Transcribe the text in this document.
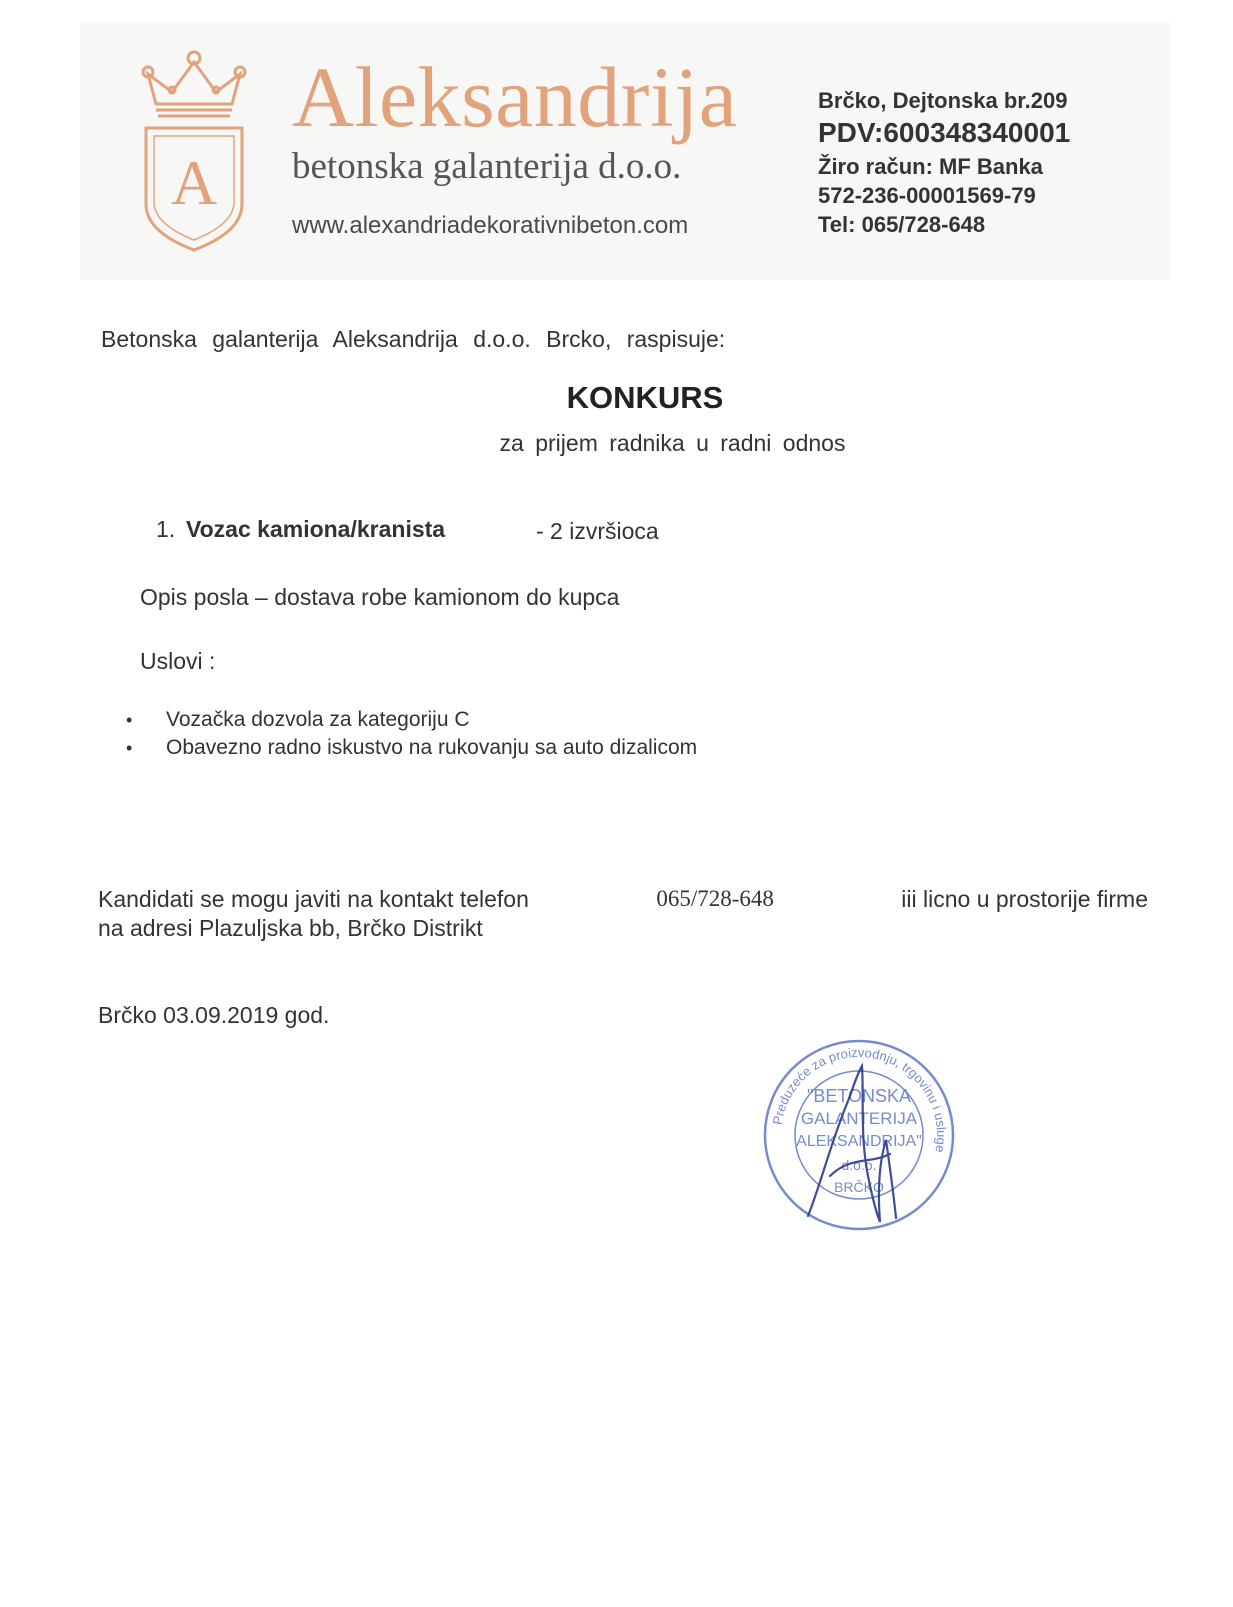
A
Aleksandrija
betonska galanterija d.o.o.
www.alexandriadekorativnibeton.com
Brčko, Dejtonska br.209
PDV:600348340001
Žiro račun: MF Banka
572-236-00001569-79
Tel: 065/728-648
Betonska galanterija Aleksandrija d.o.o. Brcko, raspisuje:
KONKURS
za prijem radnika u radni odnos
1. Vozac kamiona/kranista	- 2 izvršioca
Opis posla – dostava robe kamionom do kupca
Uslovi :
• Vozačka dozvola za kategoriju C
• Obavezno radno iskustvo na rukovanju sa auto dizalicom
Kandidati se mogu javiti na kontakt telefon	065/728-648	iii licno u prostorije firme
na adresi Plazuljska bb, Brčko Distrikt
Brčko 03.09.2019 god.
Preduzeće za proizvodnju, trgovinu i usluge
"BETONSKA
GALANTERIJA
ALEKSANDRIJA"
d.o.o.
BRČKO
